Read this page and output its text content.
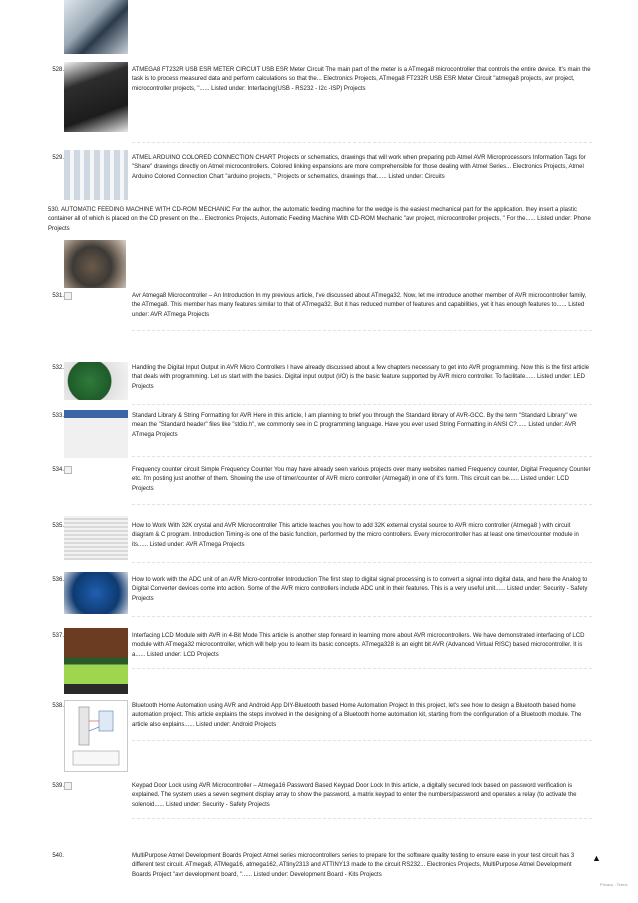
528.	ATMEGA8 FT232R USB ESR METER CIRCUIT USB ESR Meter Circuit The main part of the meter is a ATmega8 microcontroller that controls the entire device. It's main the task is to process measured data and perform calculations so that the... Electronics Projects, ATmega8 FT232R USB ESR Meter Circuit "atmega8 projects, avr project, microcontroller projects, "...... Listed under: Interfacing(USB - RS232 - I2c -ISP) Projects
529.	ATMEL ARDUINO COLORED CONNECTION CHART Projects or schematics, drawings that will work when preparing pcb Atmel AVR Microprocessors Information Tags for "Share" drawings directly on Atmel microcontrollers. Colored linking expansions are more comprehensible for those dealing with Atmel Series... Electronics Projects, Atmel Arduino Colored Connection Chart "arduino projects, " Projects or schematics, drawings that...... Listed under: Circuits
530. AUTOMATIC FEEDING MACHINE WITH CD-ROM MECHANIC For the author, the automatic feeding machine for the wedge is the easiest mechanical part for the application. they insert a plastic container all of which is placed on the CD present on the... Electronics Projects, Automatic Feeding Machine With CD-ROM Mechanic "avr project, microcontroller projects, " For the...... Listed under: Phone Projects
531.	Avr Atmega8 Microcontroller – An Introduction In my previous article, I've discussed about ATmega32. Now, let me introduce another member of AVR microcontroller family, the ATmega8. This member has many features similar to that of ATmega32. But it has reduced number of features and capabilities, yet it has enough features to...... Listed under: AVR ATmega Projects
532.	Handling the Digital Input Output in AVR Micro Controllers I have already discussed about a few chapters necessary to get into AVR programming. Now this is the first article that deals with programming. Let us start with the basics. Digital input output (I/O) is the basic feature supported by AVR micro controller. To facilitate...... Listed under: LED Projects
533.	Standard Library & String Formatting for AVR Here in this article, I am planning to brief you through the Standard library of AVR-GCC. By the term "Standard Library" we mean the "Standard header" files like "stdio.h", we commonly see in C programming language. Have you ever used String Formatting in ANSI C?...... Listed under: AVR ATmega Projects
534.	Frequency counter circuit Simple Frequency Counter You may have already seen various projects over many websites named Frequency counter, Digital Frequency Counter etc. I'm posting just another of them. Showing the use of timer/counter of AVR micro controller (Atmega8) in one of it's form. This circuit can be...... Listed under: LCD Projects
535.	How to Work With 32K crystal and AVR Microcontroller This article teaches you how to add 32K external crystal source to AVR micro controller (Atmega8 ) with circuit diagram & C program. Introduction Timing-is one of the basic function, performed by the micro controllers. Every microcontroller has at least one timer/counter module in its...... Listed under: AVR ATmega Projects
536.	How to work with the ADC unit of an AVR Micro-controller Introduction The first step to digital signal processing is to convert a signal into digital data, and here the Analog to Digital Converter devices come into action. Some of the AVR micro controllers include ADC unit in their features. This is a very useful unit...... Listed under: Security - Safety Projects
537.	Interfacing LCD Module with AVR in 4-Bit Mode This article is another step forward in learning more about AVR microcontrollers. We have demonstrated interfacing of LCD module with ATmega32 microcontroller, which will help you to learn its basic concepts. ATmega328 is an eight bit AVR (Advanced Virtual RISC) based microcontroller. It is a...... Listed under: LCD Projects
538.	Bluetooth Home Automation using AVR and Android App DIY-Bluetooth based Home Automation Project In this project, let's see how to design a Bluetooth based home automation project. This article explains the steps involved in the designing of a Bluetooth home automation kit, starting from the configuration of a Bluetooth module. The article also explains...... Listed under: Android Projects
539.	Keypad Door Lock using AVR Microcontroller – Atmega16 Password Based Keypad Door Lock In this article, a digitally secured lock based on password verification is explained. The system uses a seven segment display array to show the password, a matrix keypad to enter the numbers/password and operates a relay (to activate the solenoid...... Listed under: Security - Safety Projects
540.	MultiPurpose Atmel Development Boards Project Atmel series microcontrollers series to prepare for the software quality testing to ensure ease in your test circuit has 3 different test circuit. ATmega8, ATMega16, atmega162, ATtiny2313 and ATTINY13 made to the circuit RS232... Electronics Projects, MultiPurpose Atmel Development Boards Project "avr development board, "...... Listed under: Development Board - Kits Projects
▲
Privacy - Terms
